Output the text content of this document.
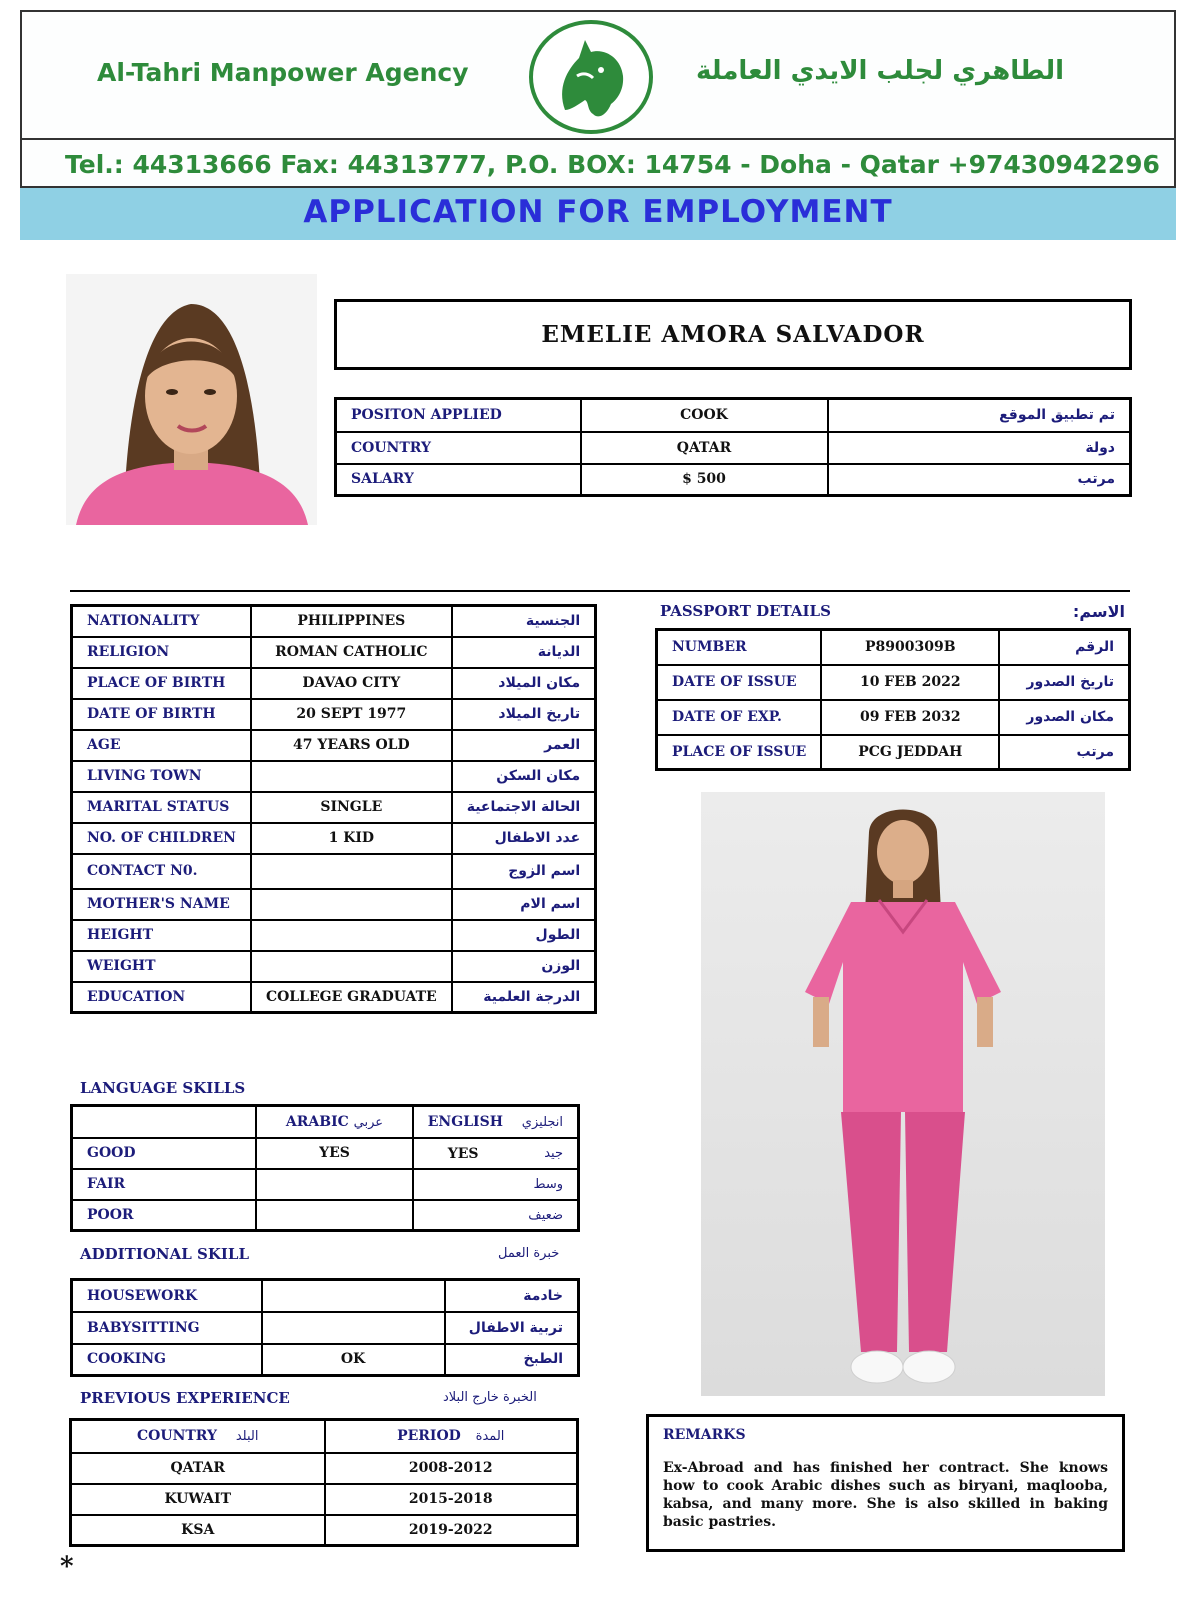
Al-Tahri Manpower Agency	الطاهري لجلب الايدي العاملة
Tel.: 44313666 Fax: 44313777, P.O. BOX: 14754 - Doha - Qatar +97430942296
APPLICATION FOR EMPLOYMENT
EMELIE AMORA SALVADOR
POSITON APPLIED	COOK	تم تطبيق الموقع
COUNTRY	QATAR	دولة
SALARY	$ 500	مرتب
NATIONALITY	PHILIPPINES	الجنسية
RELIGION	ROMAN CATHOLIC	الديانة
PLACE OF BIRTH	DAVAO CITY	مكان الميلاد
DATE OF BIRTH	20 SEPT 1977	تاريخ الميلاد
AGE	47 YEARS OLD	العمر
LIVING TOWN		مكان السكن
MARITAL STATUS	SINGLE	الحالة الاجتماعية
NO. OF CHILDREN	1 KID	عدد الاطفال
CONTACT N0.		اسم الزوج
MOTHER'S NAME		اسم الام
HEIGHT		الطول
WEIGHT		الوزن
EDUCATION	COLLEGE GRADUATE	الدرجة العلمية
PASSPORT DETAILS	الاسم:
NUMBER	P8900309B	الرقم
DATE OF ISSUE	10 FEB 2022	تاريخ الصدور
DATE OF EXP.	09 FEB 2032	مكان الصدور
PLACE OF ISSUE	PCG JEDDAH	مرتب
LANGUAGE SKILLS
	ARABIC عربي	ENGLISH انجليزي
GOOD	YES	YES جيد

FAIR		وسط

POOR		ضعيف
ADDITIONAL SKILL	خبرة العمل
HOUSEWORK		خادمة
BABYSITTING		تربية الاطفال
COOKING	OK	الطبخ
PREVIOUS EXPERIENCE	الخبرة خارج البلاد
COUNTRY البلد	PERIOD المدة
QATAR	2008-2012
KUWAIT	2015-2018
KSA	2019-2022
REMARKS

Ex-Abroad and has finished her contract. She knows how to cook Arabic dishes such as biryani, maqlooba, kabsa, and many more. She is also skilled in baking basic pastries.

*
